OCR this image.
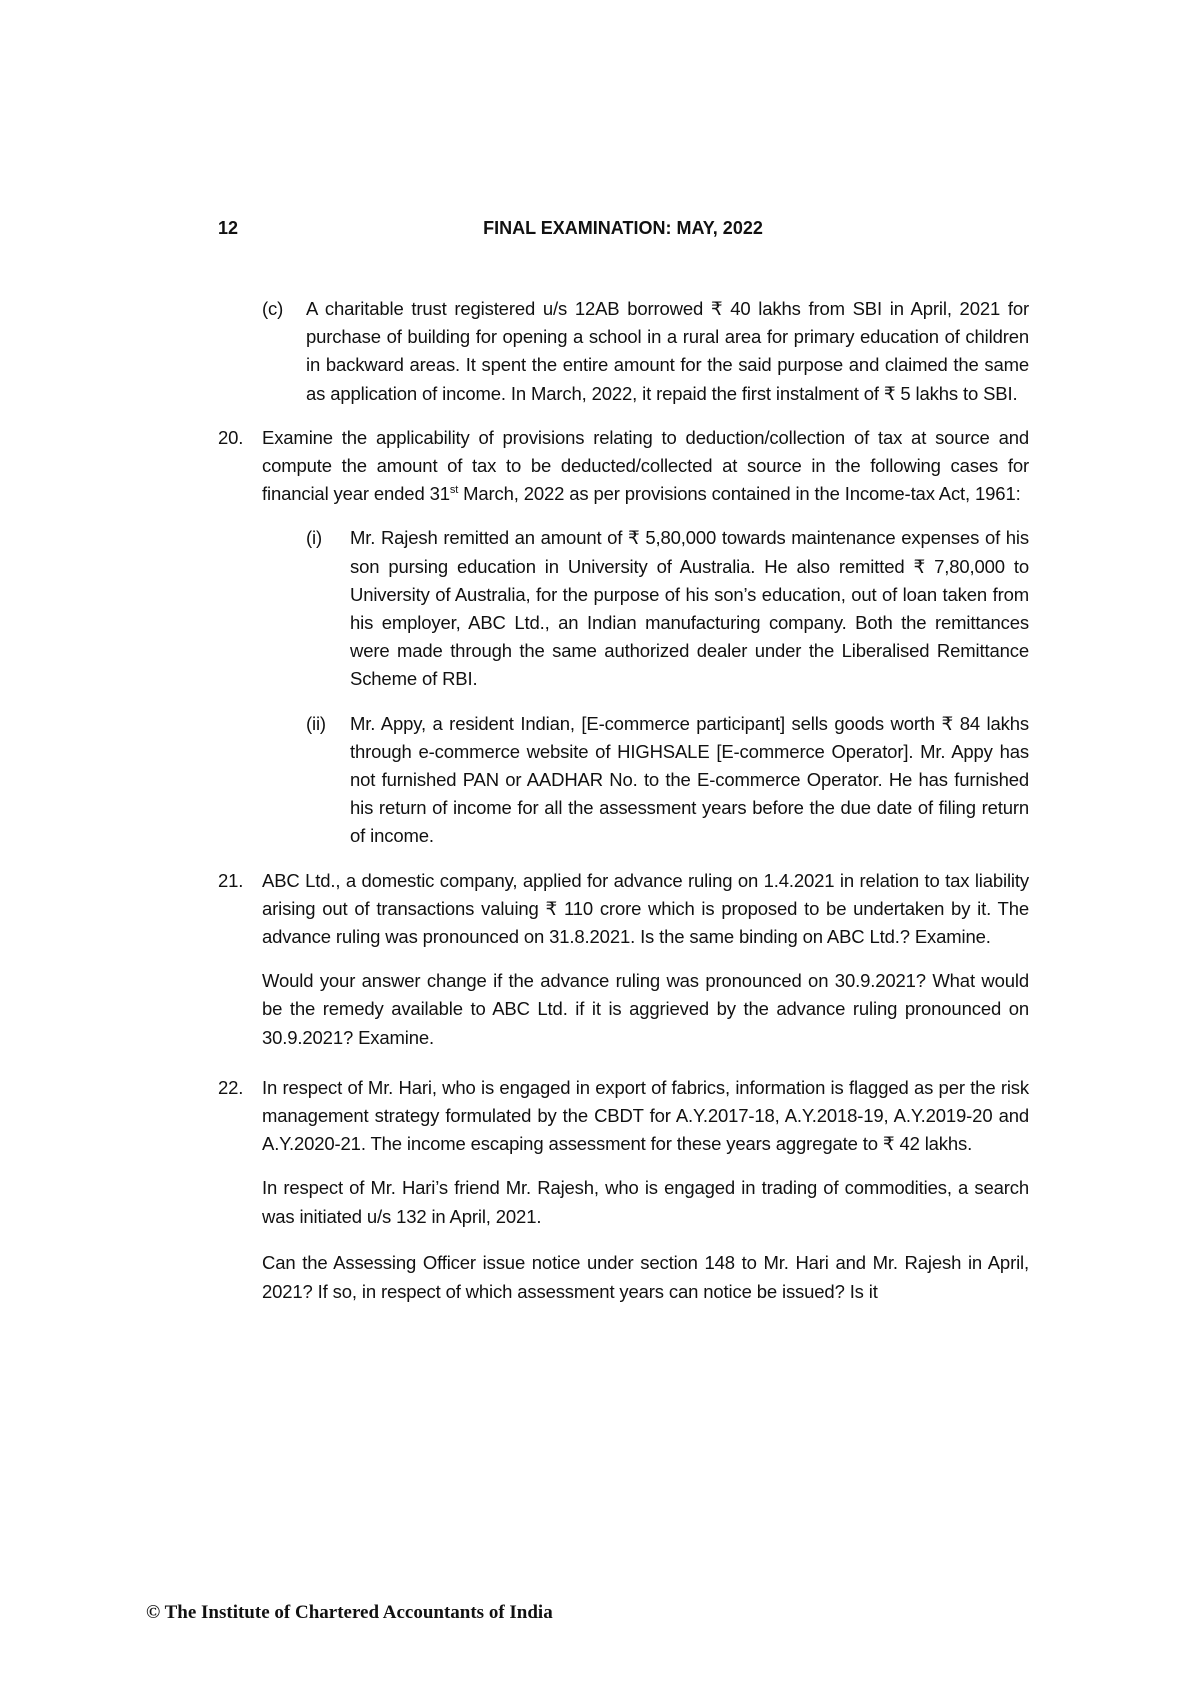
12	FINAL EXAMINATION: MAY, 2022
(c) A charitable trust registered u/s 12AB borrowed ₹ 40 lakhs from SBI in April, 2021 for purchase of building for opening a school in a rural area for primary education of children in backward areas. It spent the entire amount for the said purpose and claimed the same as application of income. In March, 2022, it repaid the first instalment of ₹ 5 lakhs to SBI.

20. Examine the applicability of provisions relating to deduction/collection of tax at source and compute the amount of tax to be deducted/collected at source in the following cases for financial year ended 31st March, 2022 as per provisions contained in the Income-tax Act, 1961:

(i) Mr. Rajesh remitted an amount of ₹ 5,80,000 towards maintenance expenses of his son pursing education in University of Australia. He also remitted ₹ 7,80,000 to University of Australia, for the purpose of his son’s education, out of loan taken from his employer, ABC Ltd., an Indian manufacturing company. Both the remittances were made through the same authorized dealer under the Liberalised Remittance Scheme of RBI.

(ii) Mr. Appy, a resident Indian, [E-commerce participant] sells goods worth ₹ 84 lakhs through e-commerce website of HIGHSALE [E-commerce Operator]. Mr. Appy has not furnished PAN or AADHAR No. to the E-commerce Operator. He has furnished his return of income for all the assessment years before the due date of filing return of income.

21. ABC Ltd., a domestic company, applied for advance ruling on 1.4.2021 in relation to tax liability arising out of transactions valuing ₹ 110 crore which is proposed to be undertaken by it. The advance ruling was pronounced on 31.8.2021. Is the same binding on ABC Ltd.? Examine.

Would your answer change if the advance ruling was pronounced on 30.9.2021? What would be the remedy available to ABC Ltd. if it is aggrieved by the advance ruling pronounced on 30.9.2021? Examine.

22. In respect of Mr. Hari, who is engaged in export of fabrics, information is flagged as per the risk management strategy formulated by the CBDT for A.Y.2017-18, A.Y.2018-19, A.Y.2019-20 and A.Y.2020-21. The income escaping assessment for these years aggregate to ₹ 42 lakhs.

In respect of Mr. Hari’s friend Mr. Rajesh, who is engaged in trading of commodities, a search was initiated u/s 132 in April, 2021.

Can the Assessing Officer issue notice under section 148 to Mr. Hari and Mr. Rajesh in April, 2021? If so, in respect of which assessment years can notice be issued? Is it

© The Institute of Chartered Accountants of India
